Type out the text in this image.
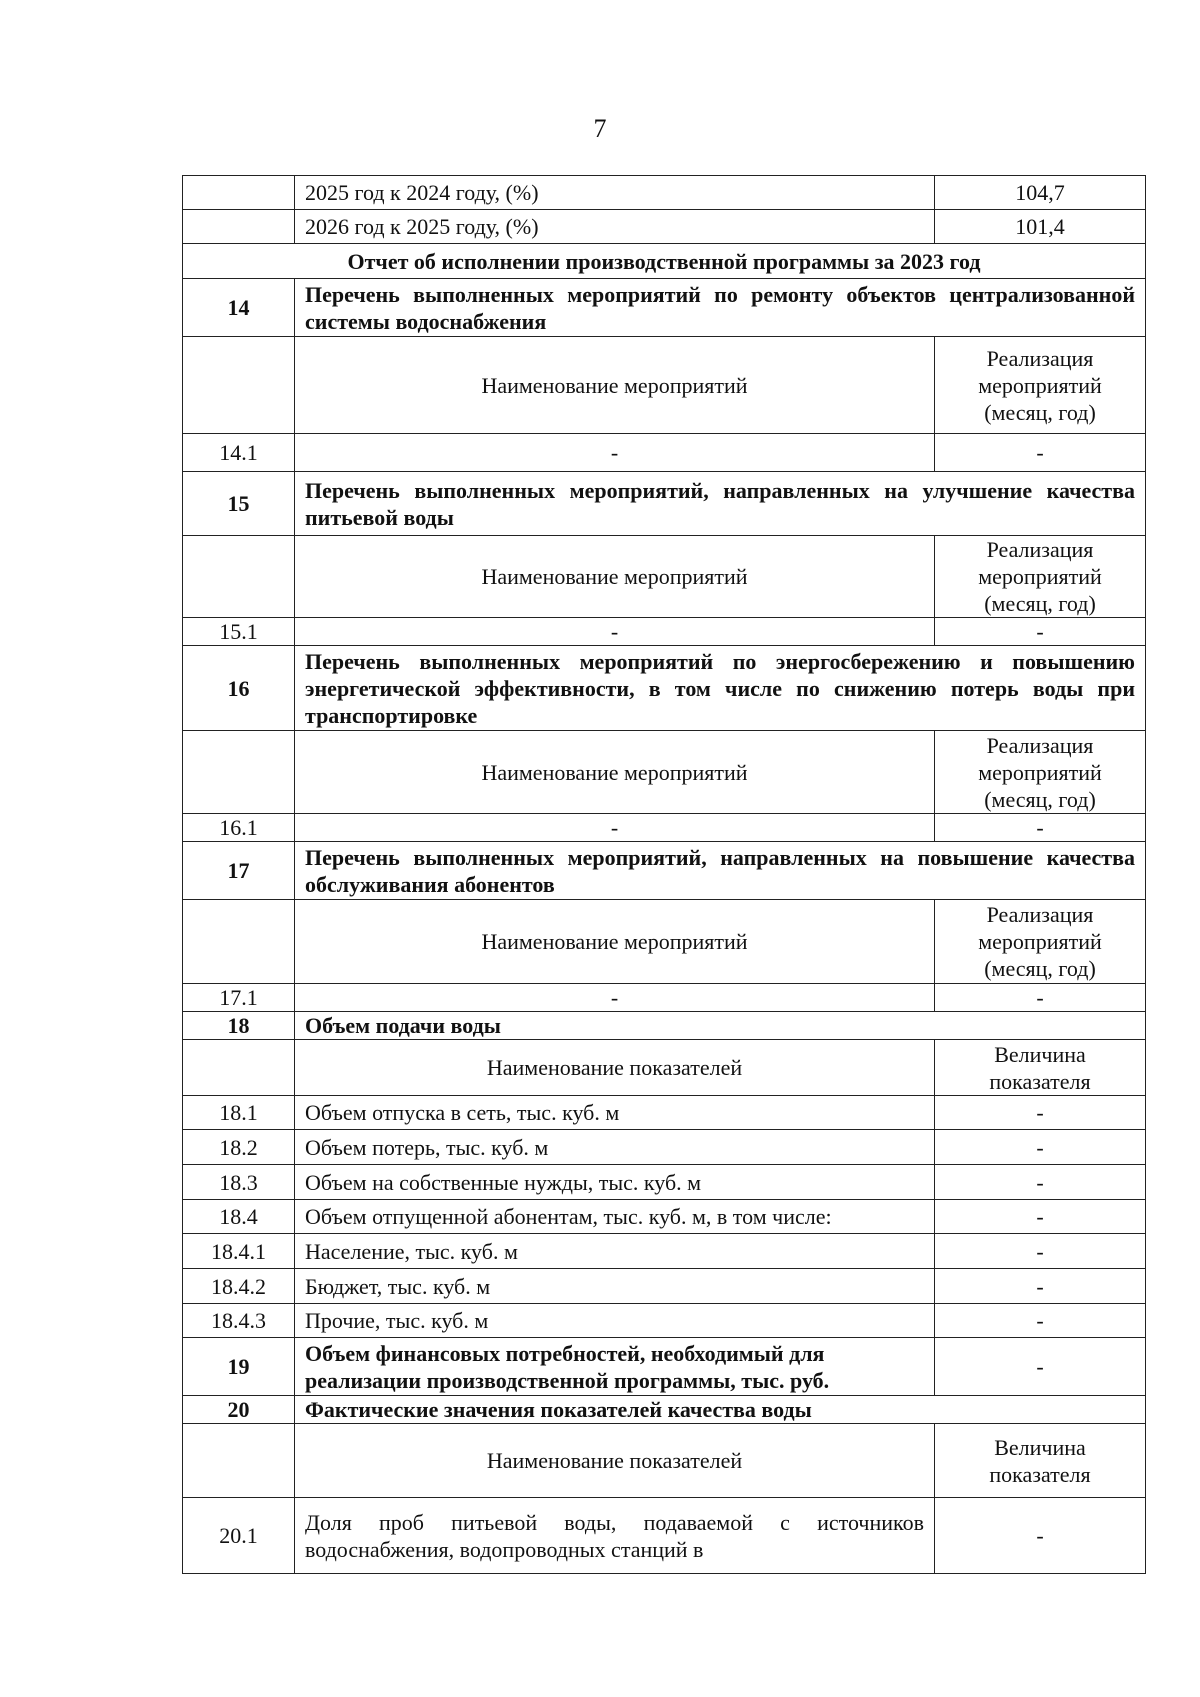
7
	2025 год к 2024 году, (%)	104,7
	2026 год к 2025 году, (%)	101,4
Отчет об исполнении производственной программы за 2023 год		
14	Перечень выполненных мероприятий по ремонту объектов централизованной системы водоснабжения	
	Наименование мероприятий	Реализация мероприятий (месяц, год)
14.1	-	-
15	Перечень выполненных мероприятий, направленных на улучшение качества питьевой воды	
	Наименование мероприятий	Реализация мероприятий (месяц, год)
15.1	-	-
16	Перечень выполненных мероприятий по энергосбережению и повышению энергетической эффективности, в том числе по снижению потерь воды при транспортировке	
	Наименование мероприятий	Реализация мероприятий (месяц, год)
16.1	-	-
17	Перечень выполненных мероприятий, направленных на повышение качества обслуживания абонентов	
	Наименование мероприятий	Реализация мероприятий (месяц, год)
17.1	-	-
18	Объем подачи воды	
	Наименование показателей	Величина показателя
18.1	Объем отпуска в сеть, тыс. куб. м	-
18.2	Объем потерь, тыс. куб. м	-
18.3	Объем на собственные нужды, тыс. куб. м	-
18.4	Объем отпущенной абонентам, тыс. куб. м, в том числе:	-
18.4.1	Население, тыс. куб. м	-
18.4.2	Бюджет, тыс. куб. м	-
18.4.3	Прочие, тыс. куб. м	-
19	Объем финансовых потребностей, необходимый для реализации производственной программы, тыс. руб.	-
20	Фактические значения показателей качества воды	
	Наименование показателей	Величина показателя
20.1	Доля проб питьевой воды, подаваемой с источников водоснабжения, водопроводных станций в	-
